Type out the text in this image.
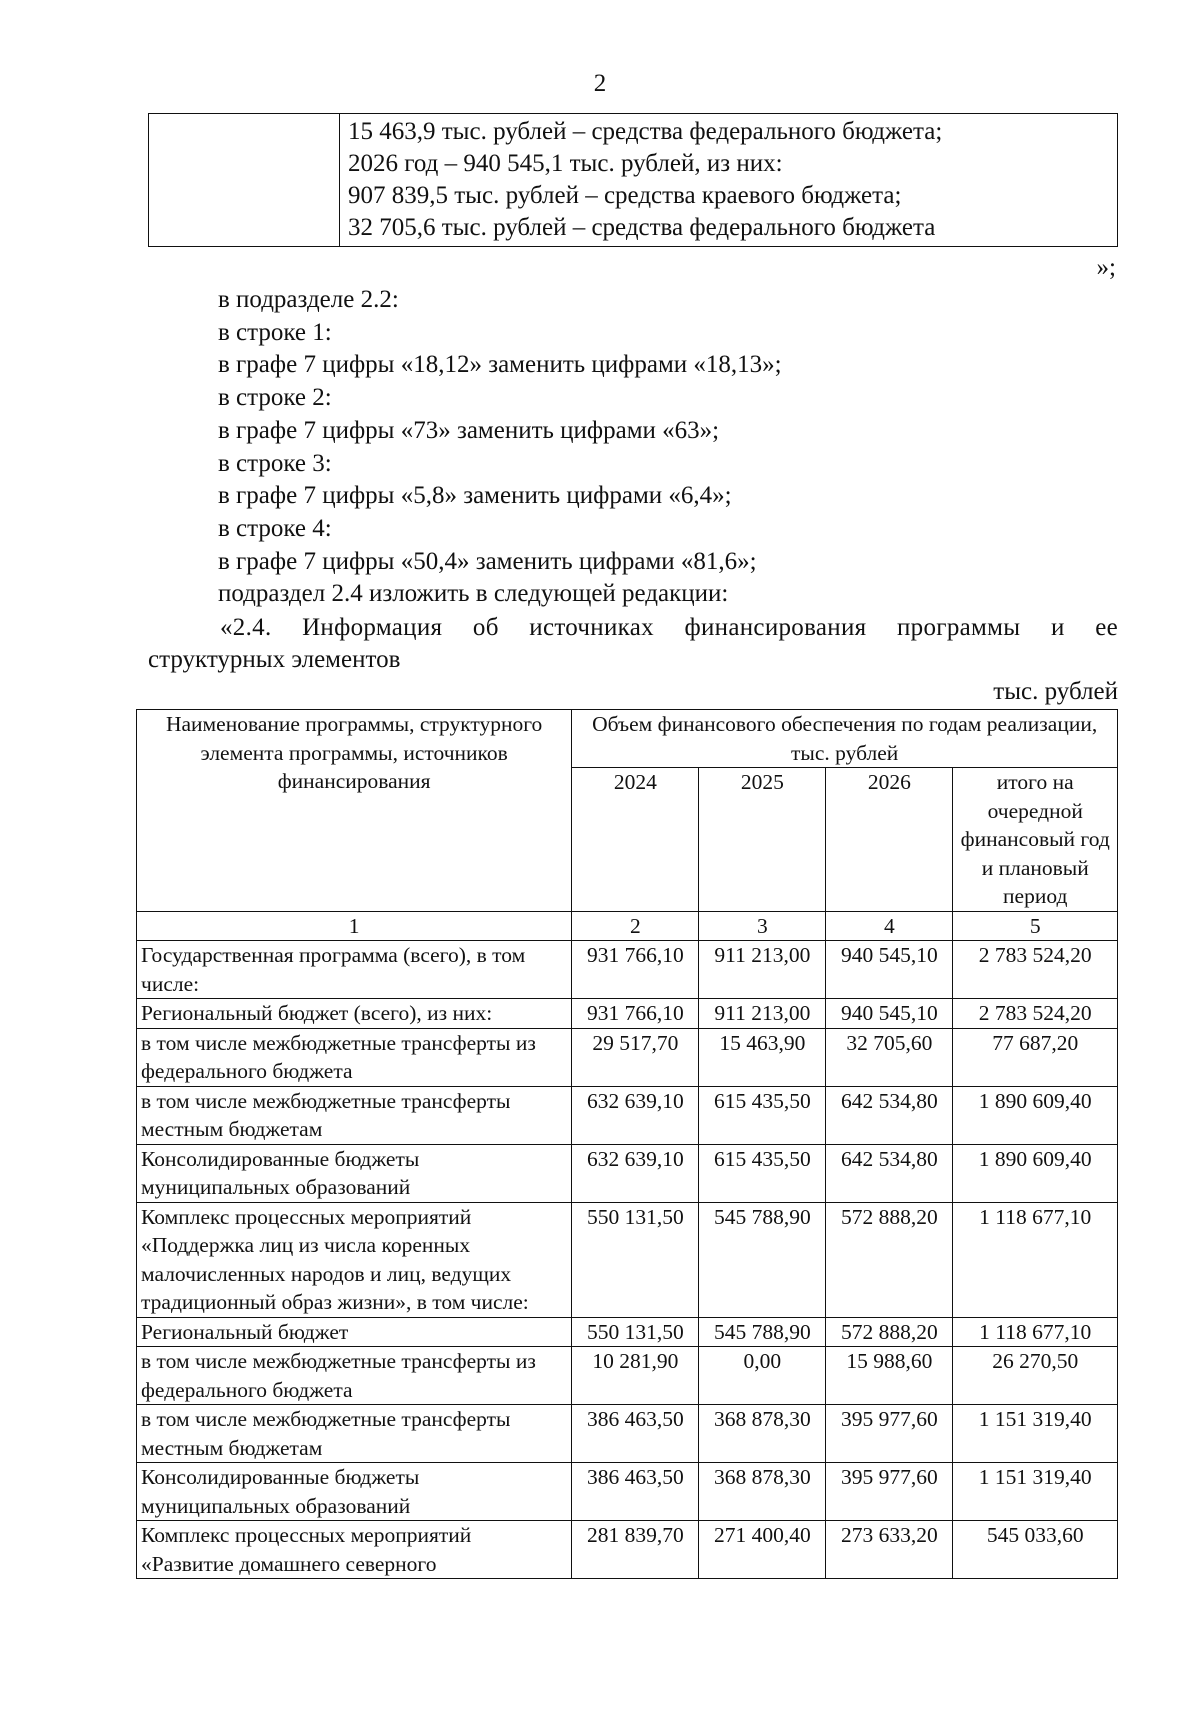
2

15 463,9 тыс. рублей – средства федерального бюджета;
2026 год – 940 545,1 тыс. рублей, из них:
907 839,5 тыс. рублей – средства краевого бюджета;
32 705,6 тыс. рублей – средства федерального бюджета
»;
в подразделе 2.2:
в строке 1:
в графе 7 цифры «18,12» заменить цифрами «18,13»;
в строке 2:
в графе 7 цифры «73» заменить цифрами «63»;
в строке 3:
в графе 7 цифры «5,8» заменить цифрами «6,4»;
в строке 4:
в графе 7 цифры «50,4» заменить цифрами «81,6»;
подраздел 2.4 изложить в следующей редакции:
«2.4. Информация об источниках финансирования программы и ее
структурных элементов
тыс. рублей
Наименование программы, структурного элемента программы, источников финансирования	Объем финансового обеспечения по годам реализации, тыс. рублей			
	2024	2025	2026	итого на очередной финансовый год и плановый период
1	2	3	4	5
Государственная программа (всего), в том числе:	931 766,10	911 213,00	940 545,10	2 783 524,20
Региональный бюджет (всего), из них:	931 766,10	911 213,00	940 545,10	2 783 524,20
в том числе межбюджетные трансферты из федерального бюджета	29 517,70	15 463,90	32 705,60	77 687,20
в том числе межбюджетные трансферты местным бюджетам	632 639,10	615 435,50	642 534,80	1 890 609,40
Консолидированные бюджеты муниципальных образований	632 639,10	615 435,50	642 534,80	1 890 609,40
Комплекс процессных мероприятий «Поддержка лиц из числа коренных малочисленных народов и лиц, ведущих традиционный образ жизни», в том числе:	550 131,50	545 788,90	572 888,20	1 118 677,10
Региональный бюджет	550 131,50	545 788,90	572 888,20	1 118 677,10
в том числе межбюджетные трансферты из федерального бюджета	10 281,90	0,00	15 988,60	26 270,50
в том числе межбюджетные трансферты местным бюджетам	386 463,50	368 878,30	395 977,60	1 151 319,40
Консолидированные бюджеты муниципальных образований	386 463,50	368 878,30	395 977,60	1 151 319,40
Комплекс процессных мероприятий «Развитие домашнего северного	281 839,70	271 400,40	273 633,20	545 033,60
